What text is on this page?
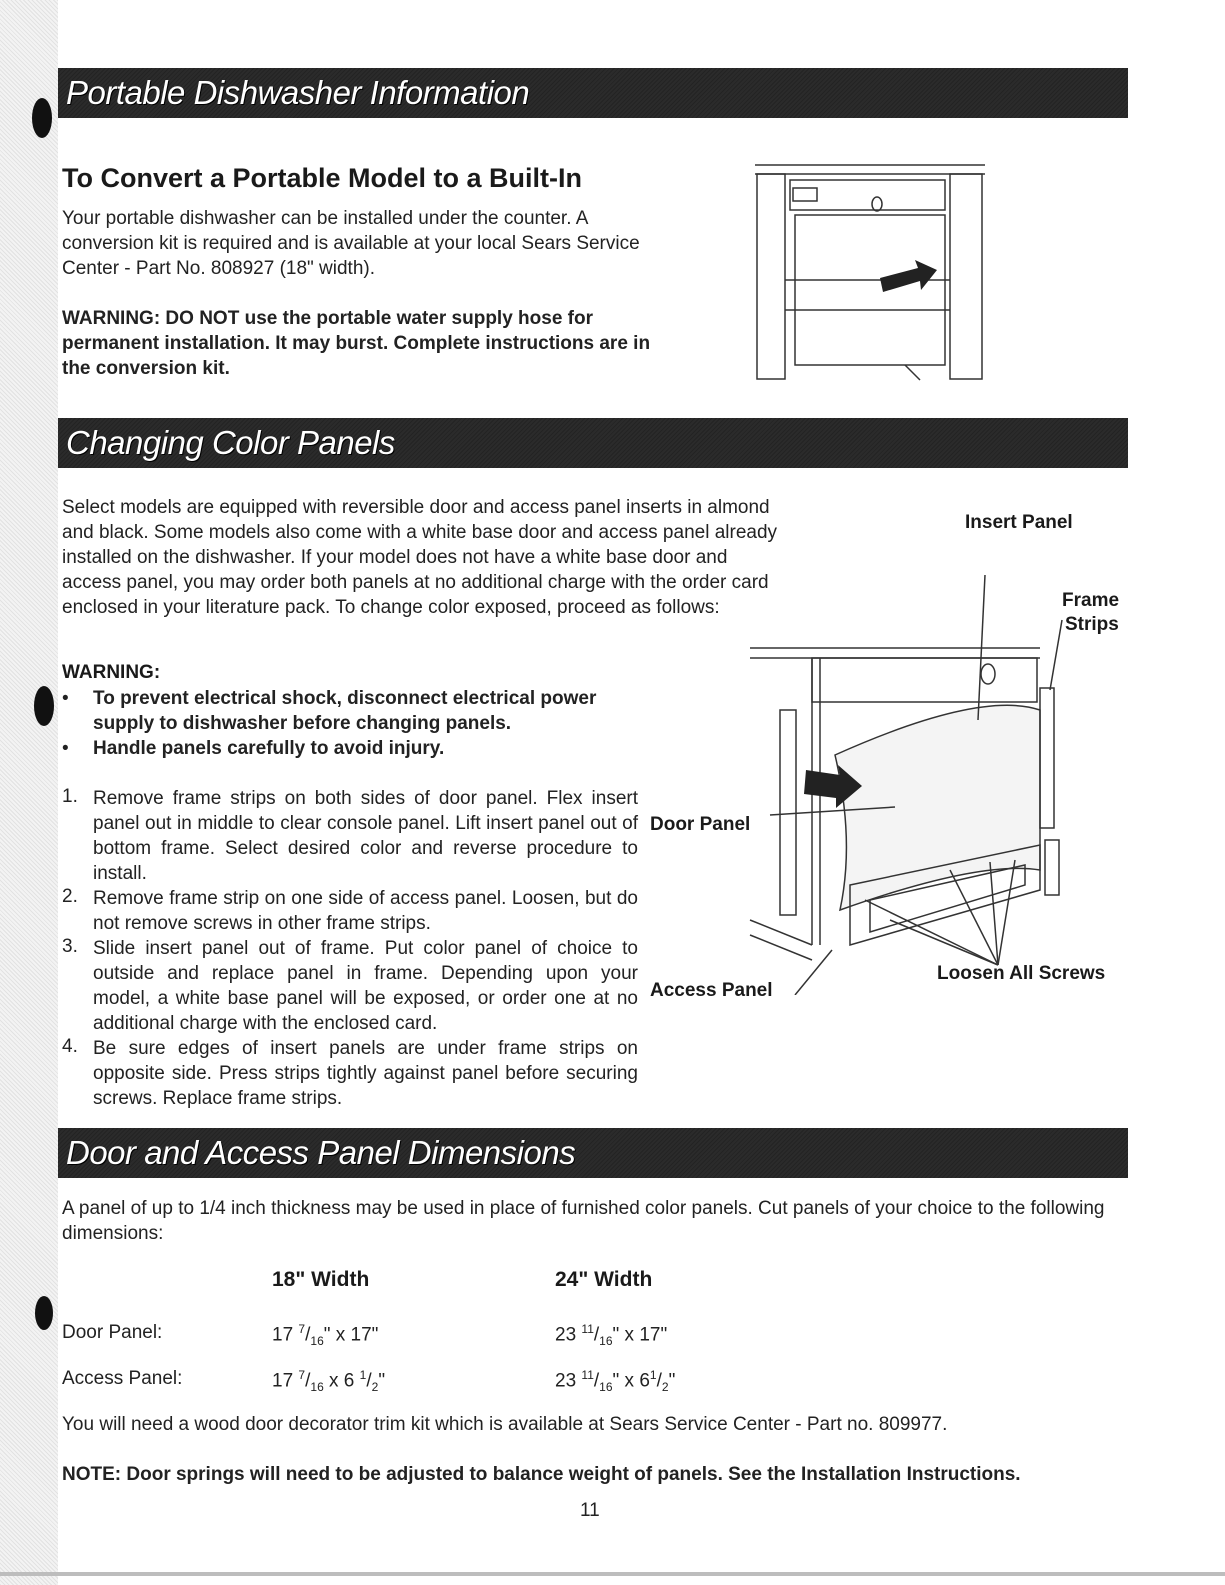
Portable Dishwasher Information
To Convert a Portable Model to a Built-In

Your portable dishwasher can be installed under the counter. A conversion kit is required and is available at your local Sears Service Center - Part No. 808927 (18" width).

WARNING: DO NOT use the portable water supply hose for permanent installation. It may burst. Complete instructions are in the conversion kit.

Changing Color Panels

Select models are equipped with reversible door and access panel inserts in almond and black. Some models also come with a white base door and access panel already installed on the dishwasher. If your model does not have a white base door and access panel, you may order both panels at no additional charge with the order card enclosed in your literature pack. To change color exposed, proceed as follows:

WARNING:
• To prevent electrical shock, disconnect electrical power supply to dishwasher before changing panels.

• Handle panels carefully to avoid injury.

1. Remove frame strips on both sides of door panel. Flex insert panel out in middle to clear console panel. Lift insert panel out of bottom frame. Select desired color and reverse procedure to install.
2. Remove frame strip on one side of access panel. Loosen, but do not remove screws in other frame strips.
3. Slide insert panel out of frame. Put color panel of choice to outside and replace panel in frame. Depending upon your model, a white base panel will be exposed, or order one at no additional charge with the enclosed card.
4. Be sure edges of insert panels are under frame strips on opposite side. Press strips tightly against panel before securing screws. Replace frame strips.
Insert Panel
Frame
Strips
Door Panel
Access Panel
Loosen All Screws
Door and Access Panel Dimensions

A panel of up to 1/4 inch thickness may be used in place of furnished color panels. Cut panels of your choice to the following dimensions:

18" Width	24" Width
Door Panel:	17 $^7/_{16}$" x 17"	23 $^{11}/_{16}$" x 17"
Access Panel:	17 $^7/_{16}$ x 6 $^1/_2$"	23 $^{11}/_{16}$" x $6^1/_2$"

You will need a wood door decorator trim kit which is available at Sears Service Center - Part no. 809977.

NOTE: Door springs will need to be adjusted to balance weight of panels. See the Installation Instructions.

11
